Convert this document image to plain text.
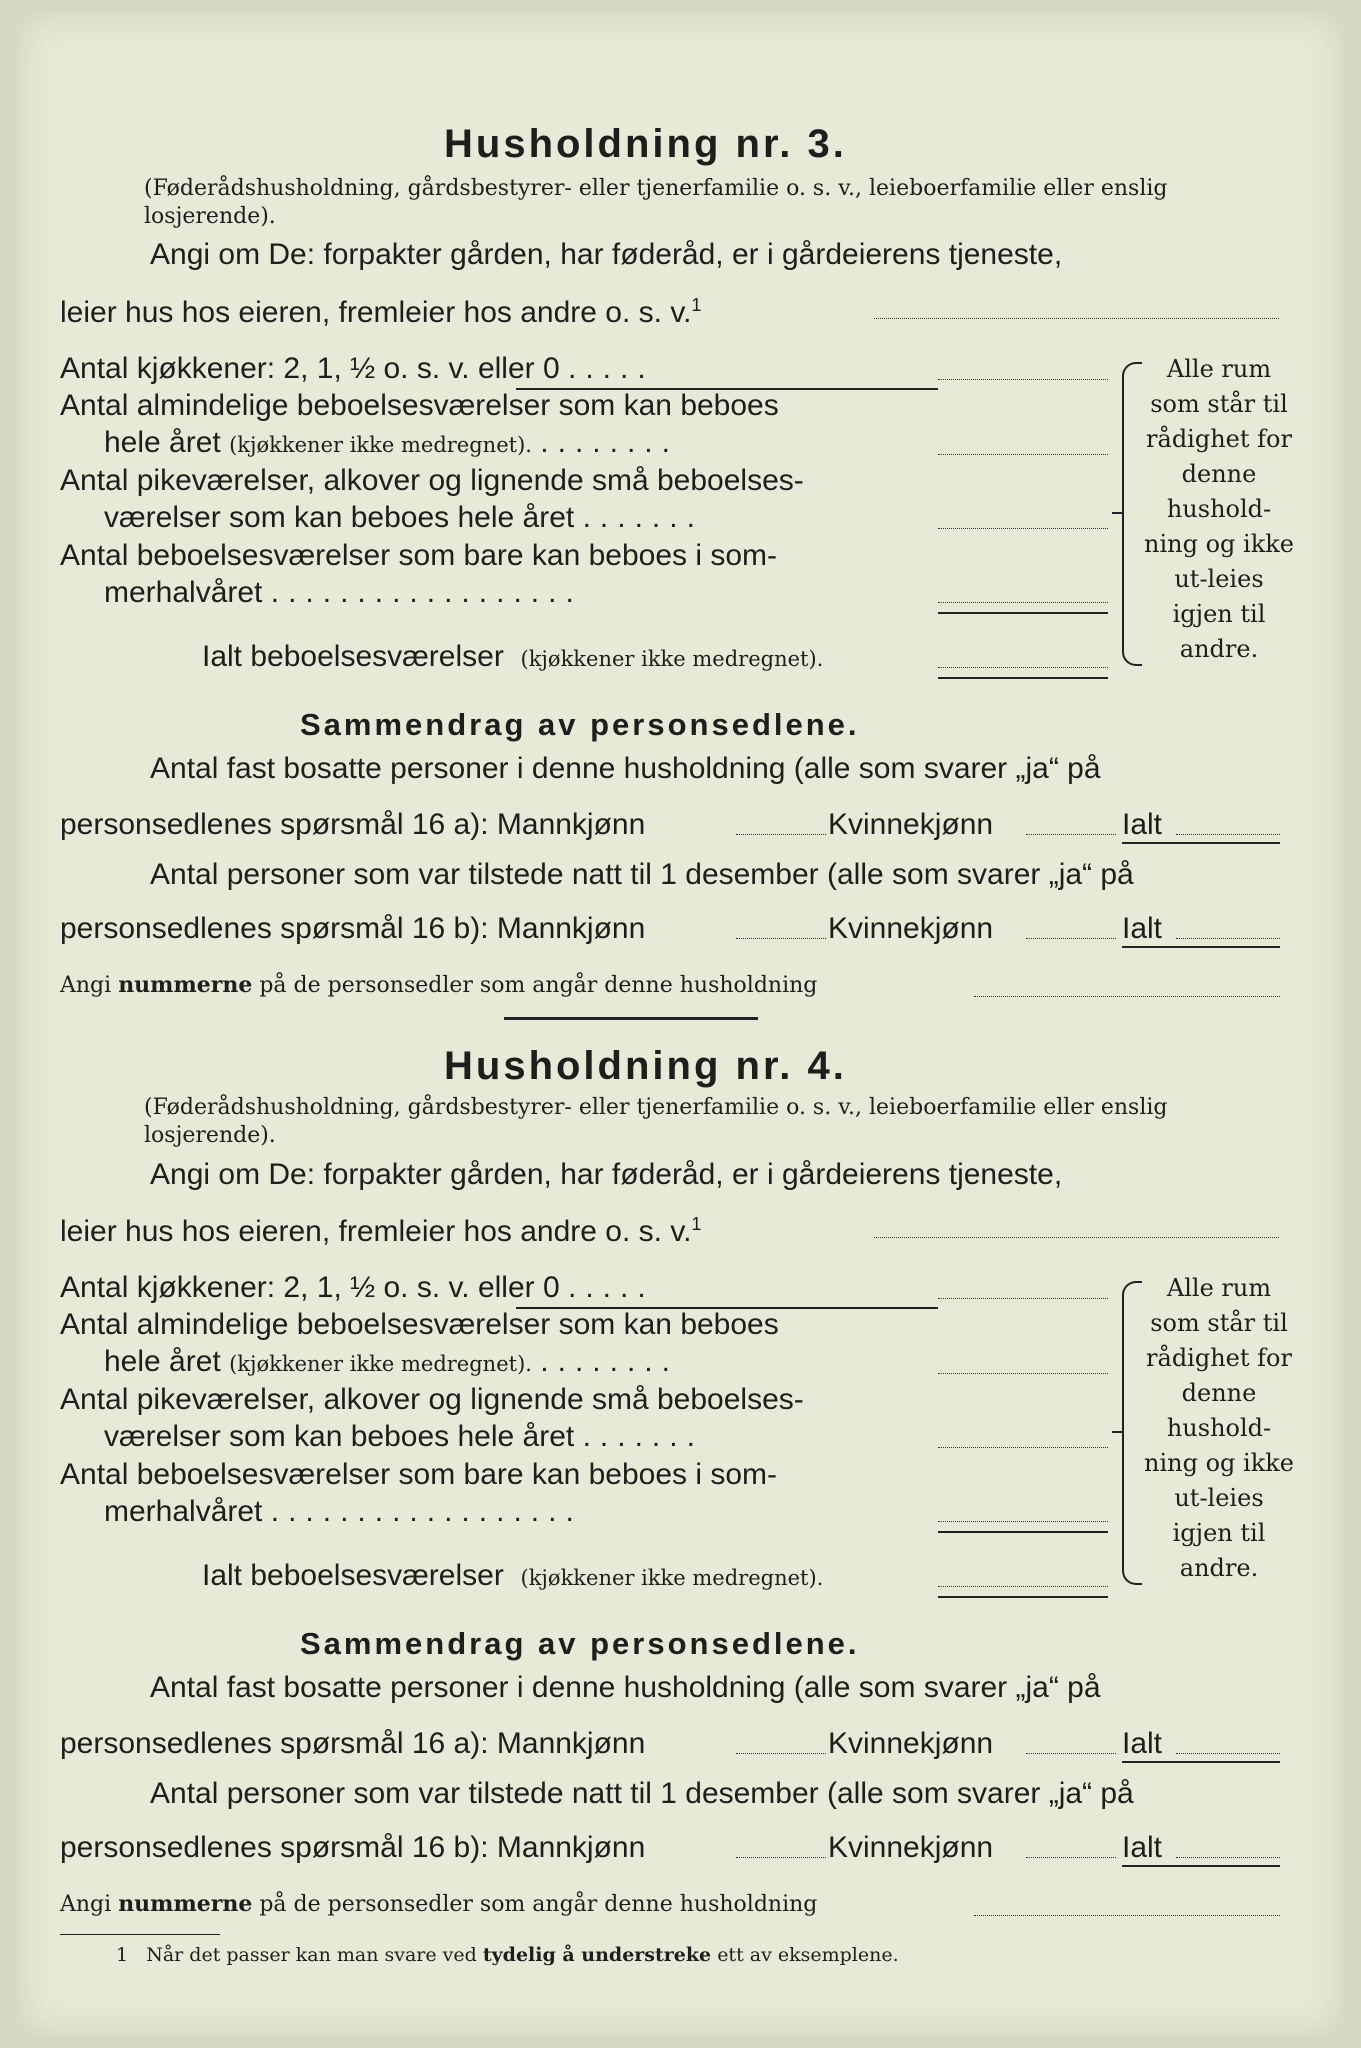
Husholdning nr. 3.
(Føderådshusholdning, gårdsbestyrer- eller tjenerfamilie o. s. v., leieboerfamilie eller enslig losjerende).
Angi om De: forpakter gården, har føderåd, er i gårdeierens tjeneste,
leier hus hos eieren, fremleier hos andre o. s. v.$^1$
Antal kjøkkener: 2, 1, ½ o. s. v. eller 0 .....
Antal almindelige beboelsesværelser som kan beboes
hele året (kjøkkener ikke medregnet). ........
Antal pikeværelser, alkover og lignende små beboelses-
værelser som kan beboes hele året .......
Antal beboelsesværelser som bare kan beboes i som-
merhalvåret ..................
Ialt beboelsesværelser (kjøkkener ikke medregnet).
Alle rum som står til rådighet for denne hushold-ning og ikke ut-leies igjen til andre.
Sammendrag av personsedlene.
Antal fast bosatte personer i denne husholdning (alle som svarer „ja“ på
personsedlenes spørsmål 16 a): Mannkjønn	Kvinnekjønn	Ialt
Antal personer som var tilstede natt til 1 desember (alle som svarer „ja“ på
personsedlenes spørsmål 16 b): Mannkjønn	Kvinnekjønn	Ialt
Angi nummerne på de personsedler som angår denne husholdning
Husholdning nr. 4.
(Føderådshusholdning, gårdsbestyrer- eller tjenerfamilie o. s. v., leieboerfamilie eller enslig losjerende).
Angi om De: forpakter gården, har føderåd, er i gårdeierens tjeneste,
leier hus hos eieren, fremleier hos andre o. s. v.$^1$
Antal kjøkkener: 2, 1, ½ o. s. v. eller 0 .....
Antal almindelige beboelsesværelser som kan beboes
hele året (kjøkkener ikke medregnet). ........
Antal pikeværelser, alkover og lignende små beboelses-
værelser som kan beboes hele året .......
Antal beboelsesværelser som bare kan beboes i som-
merhalvåret ..................
Ialt beboelsesværelser (kjøkkener ikke medregnet).
Alle rum som står til rådighet for denne hushold-ning og ikke ut-leies igjen til andre.
Sammendrag av personsedlene.
Antal fast bosatte personer i denne husholdning (alle som svarer „ja“ på
personsedlenes spørsmål 16 a): Mannkjønn	Kvinnekjønn	Ialt
Antal personer som var tilstede natt til 1 desember (alle som svarer „ja“ på
personsedlenes spørsmål 16 b): Mannkjønn	Kvinnekjønn	Ialt
Angi nummerne på de personsedler som angår denne husholdning
1 Når det passer kan man svare ved tydelig å understreke ett av eksemplene.
